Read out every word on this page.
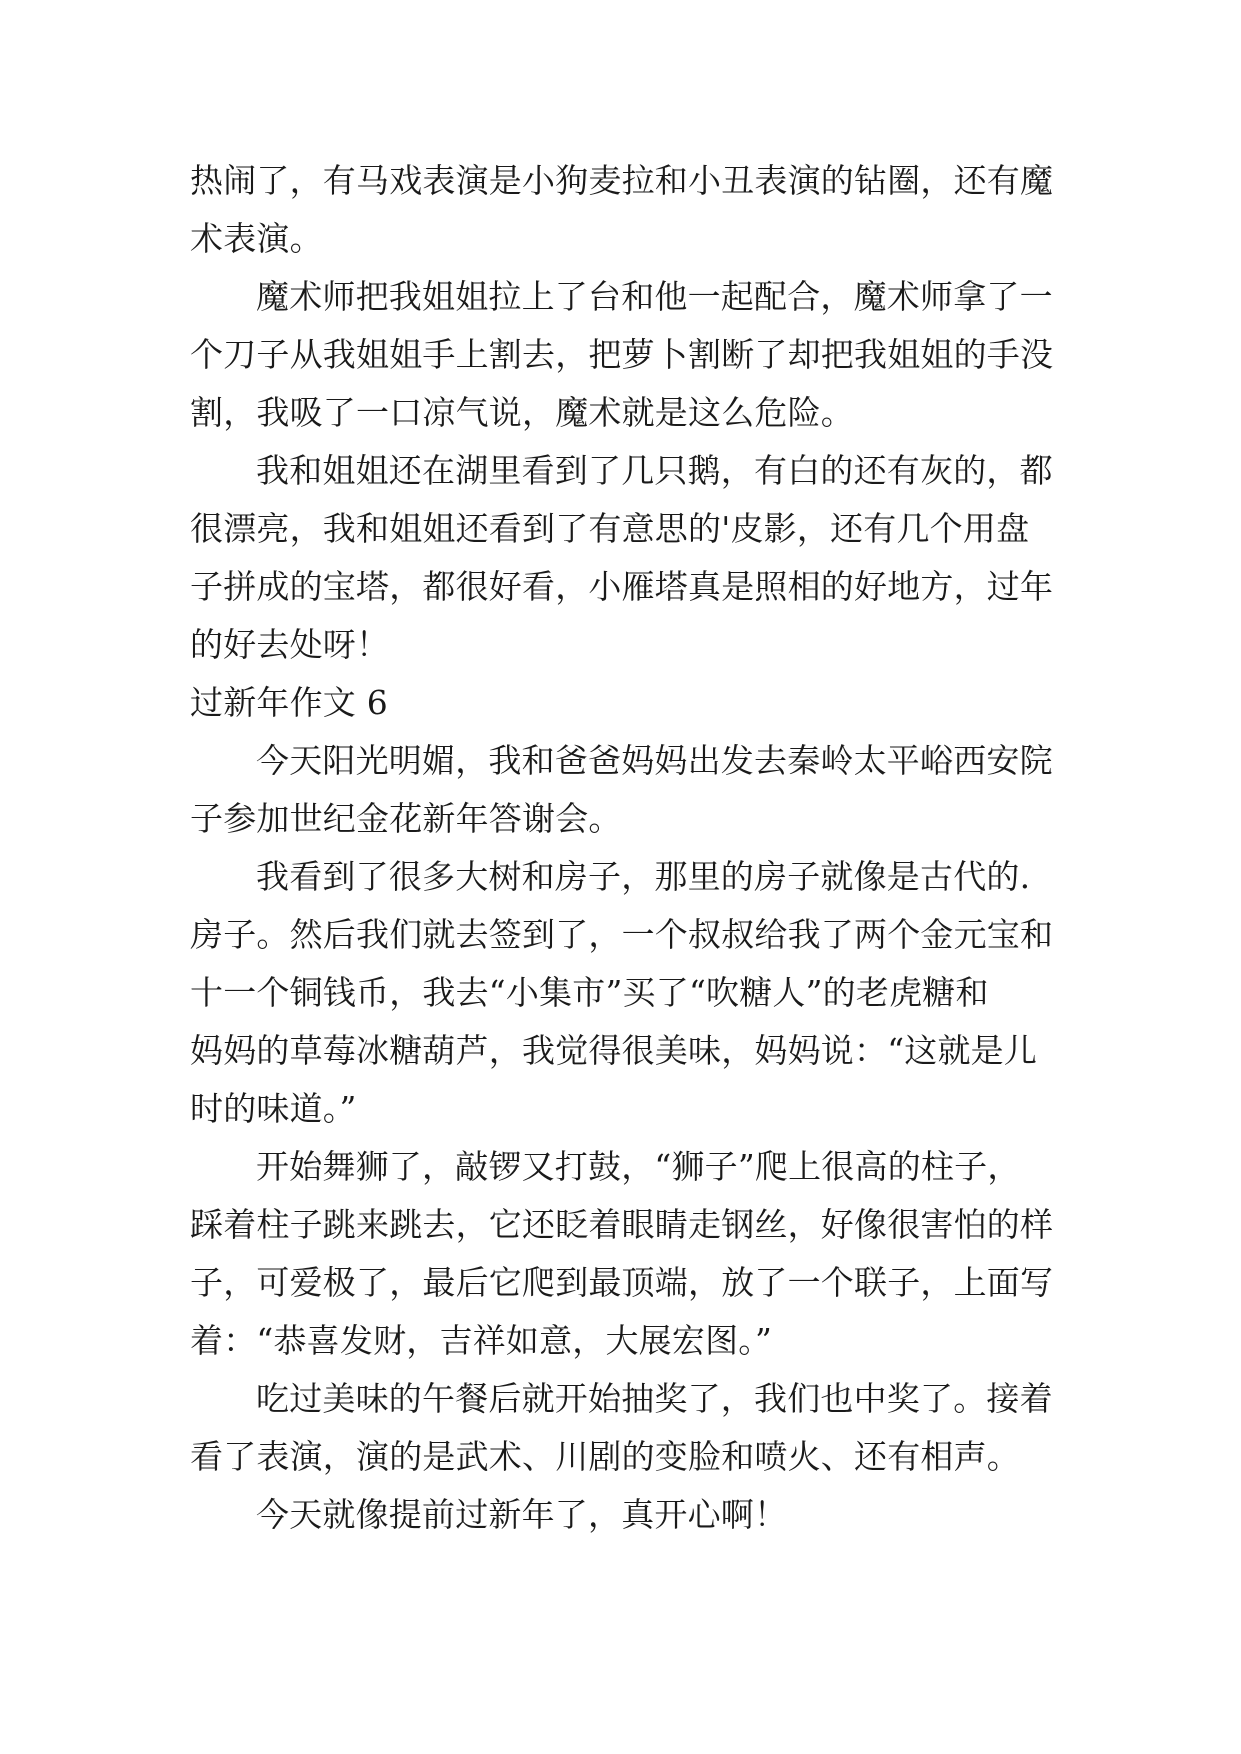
热闹了，有马戏表演是小狗麦拉和小丑表演的钻圈，还有魔
术表演。
魔术师把我姐姐拉上了台和他一起配合，魔术师拿了一
个刀子从我姐姐手上割去，把萝卜割断了却把我姐姐的手没
割，我吸了一口凉气说，魔术就是这么危险。
我和姐姐还在湖里看到了几只鹅，有白的还有灰的，都
很漂亮，我和姐姐还看到了有意思的'皮影，还有几个用盘
子拼成的宝塔，都很好看，小雁塔真是照相的好地方，过年
的好去处呀！
过新年作文 6
今天阳光明媚，我和爸爸妈妈出发去秦岭太平峪西安院
子参加世纪金花新年答谢会。
我看到了很多大树和房子，那里的房子就像是古代的.
房子。然后我们就去签到了，一个叔叔给我了两个金元宝和
十一个铜钱币，我去“小集市”买了“吹糖人”的老虎糖和
妈妈的草莓冰糖葫芦，我觉得很美味，妈妈说：“这就是儿
时的味道。”
开始舞狮了，敲锣又打鼓，“狮子”爬上很高的柱子，
踩着柱子跳来跳去，它还眨着眼睛走钢丝，好像很害怕的样
子，可爱极了，最后它爬到最顶端，放了一个联子，上面写
着：“恭喜发财，吉祥如意，大展宏图。”
吃过美味的午餐后就开始抽奖了，我们也中奖了。接着
看了表演，演的是武术、川剧的变脸和喷火、还有相声。
今天就像提前过新年了，真开心啊！
